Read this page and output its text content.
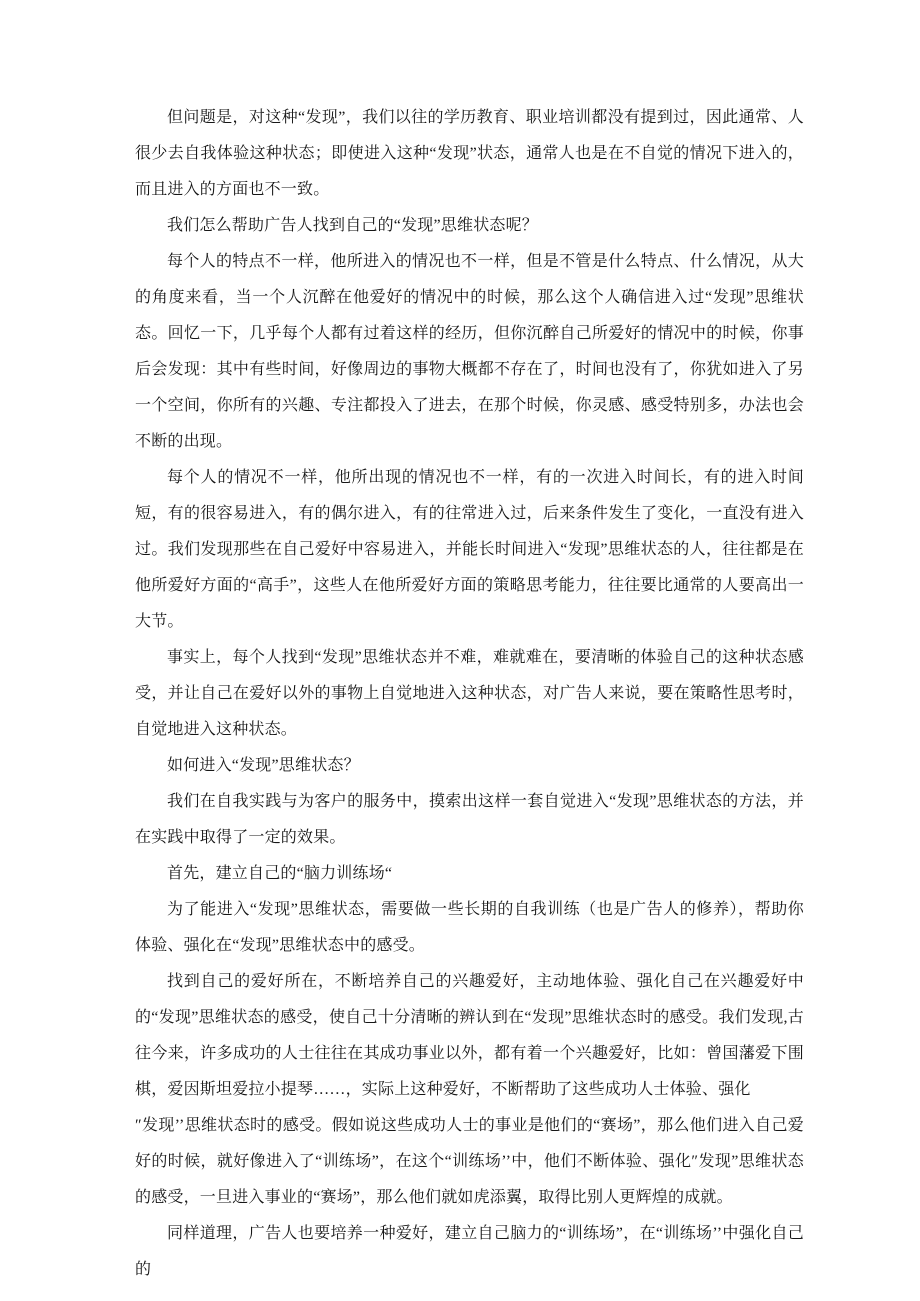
但问题是，对这种“发现”，我们以往的学历教育、职业培训都没有提到过，因此通常、人很少去自我体验这种状态；即使进入这种“发现”状态，通常人也是在不自觉的情况下进入的，而且进入的方面也不一致。

我们怎么帮助广告人找到自己的“发现”思维状态呢？

每个人的特点不一样，他所进入的情况也不一样，但是不管是什么特点、什么情况，从大的角度来看，当一个人沉醉在他爱好的情况中的时候，那么这个人确信进入过“发现”思维状态。回忆一下，几乎每个人都有过着这样的经历，但你沉醉自己所爱好的情况中的时候，你事后会发现：其中有些时间，好像周边的事物大概都不存在了，时间也没有了，你犹如进入了另一个空间，你所有的兴趣、专注都投入了进去，在那个时候，你灵感、感受特别多，办法也会不断的出现。

每个人的情况不一样，他所出现的情况也不一样，有的一次进入时间长，有的进入时间短，有的很容易进入，有的偶尔进入，有的往常进入过，后来条件发生了变化，一直没有进入过。我们发现那些在自己爱好中容易进入，并能长时间进入“发现”思维状态的人，往往都是在他所爱好方面的“高手”，这些人在他所爱好方面的策略思考能力，往往要比通常的人要高出一大节。

事实上，每个人找到“发现”思维状态并不难，难就难在，要清晰的体验自己的这种状态感受，并让自己在爱好以外的事物上自觉地进入这种状态，对广告人来说，要在策略性思考时，自觉地进入这种状态。

如何进入“发现”思维状态？

我们在自我实践与为客户的服务中，摸索出这样一套自觉进入“发现”思维状态的方法，并在实践中取得了一定的效果。

首先，建立自己的“脑力训练场“

为了能进入“发现”思维状态，需要做一些长期的自我训练（也是广告人的修养），帮助你体验、强化在“发现”思维状态中的感受。

找到自己的爱好所在，不断培养自己的兴趣爱好，主动地体验、强化自己在兴趣爱好中的“发现”思维状态的感受，使自己十分清晰的辨认到在“发现”思维状态时的感受。我们发现,古往今来，许多成功的人士往往在其成功事业以外，都有着一个兴趣爱好，比如：曾国藩爱下围棋，爱因斯坦爱拉小提琴……，实际上这种爱好，不断帮助了这些成功人士体验、强化

″发现’’思维状态时的感受。假如说这些成功人士的事业是他们的“赛场”，那么他们进入自己爱好的时候，就好像进入了“训练场”，在这个“训练场’’中，他们不断体验、强化″发现”思维状态的感受，一旦进入事业的“赛场”，那么他们就如虎添翼，取得比别人更辉煌的成就。

同样道理，广告人也要培养一种爱好，建立自己脑力的“训练场”，在“训练场’’中强化自己的
